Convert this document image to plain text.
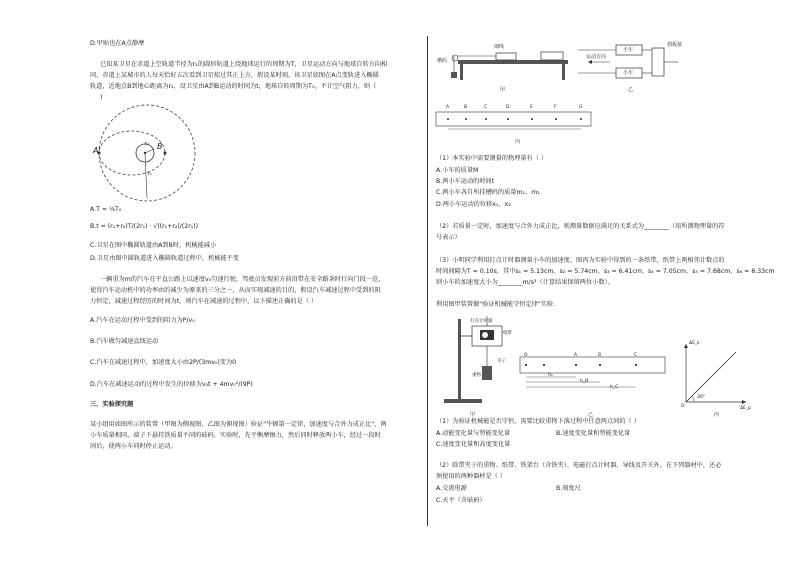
D.甲贴也在A点静摩
已知某卫星在赤道上空轨道半径为r₁的圆形轨道上绕地球运行的周期为T，卫星运动方向与地球自转方向相
同，赤道上某城市的人每天恰好五次看到卫星掠过其正上方，假设某时刻，该卫星如图在A点变轨进入椭圆
轨道，近地点B到地心距离为r₂，设卫星由A到B运动的时间为t，地球自转周期为T₀，不计空气阻力，则（
)
A	B
r₂
r₁
A.T = ⅙T₀
B.t = (r₁+r₂)T/(2r₁) · √((r₁+r₂)/(2r₁))
C.卫星在图中椭圆轨道由A到B时，机械能减小
D.卫星由图中圆轨道进入椭圆轨道过程中，机械能不变
一辆重为m的汽车在平直公路上以速度v₀匀速行驶，驾驶员发现前方前沿带在安全路条时行向门段一范，
使得汽车运动机中的功率由的减少为原来的三分之一，从而实现减速的目的，假设汽车减速过程中受到的阻
力恒定，减速过程经历的时间为t，则汽车在减速的过程中，以下描述正确的是（ ）
A.汽车在运动过程中受到的阻力为P/v₀
B.汽车做匀减速直线运动
C.汽车在减速过程中，加速度大小由2P/(3mv₀)变为0
D.汽车在减速运动的过程中发生的位移为v₀t + 4mv₀²/(9P)
三、实验探究题
某小组用如图所示的装置（甲图为侧视图，乙图为俯视图）验证"牛顿第一定律，加速度与合外力成正比"，两
小车质量相同，端子下悬挂铁质量不同的砝码，实验时，先平衡摩擦力，然后同时释放两小车，经过一段时
间后，使两小车同时停止运动。
槽码
细线
甲
小车
小车
刹板接
运动方向
乙
A	B	C	D	E	F	G
丙
（1）本实验中需要测量的物理量有（ ）
A.小车的质量M
B.两小车运动的时间t
C.两小车各自所挂槽码的质量m₁、m₂
D.两小车运动的位移x₁、x₂
（2）若质量一定时，加速度与合外力成正比，则测量数据应满足的关系式为________（用所测物理量的符
号表示）
（3）小明同学利用打点计时器测量小车的加速度，图丙为实验中得到的一条纸带，纸带上两相邻计数点的
时间间隔为T = 0.10s，其中s₁ = 5.13cm、s₂ = 5.74cm、s₃ = 6.41cm、s₄ = 7.05cm、s₅ = 7.68cm、s₆ = 8.33cm
则小车的加速度大小为________m/s²（计算结果保留两位小数）。
利用图甲装置做"验证机械能守恒定律"实验.
打点计时器
纸带
夹子
重物
甲
O	A	B	C
hₐ
h_B
h_C
乙
ΔE_k
ΔE_p
30°
O
丙
（1）为验证机械能是否守恒，需要比较重物下落过程中任意两点间的（ ）
A.动能变化量与势能变化量	B.速度变化量和势能变化量
C.速度变化量和高度变化量
（2）除带夹子的重物、纸带、铁架台（含铁夹）、电磁打点计时器、导线及开关外，在下列器材中，还必
须使用的两种器材是（ ）
A.交流电源	B.刻度尺
C.天平（含砝码）
